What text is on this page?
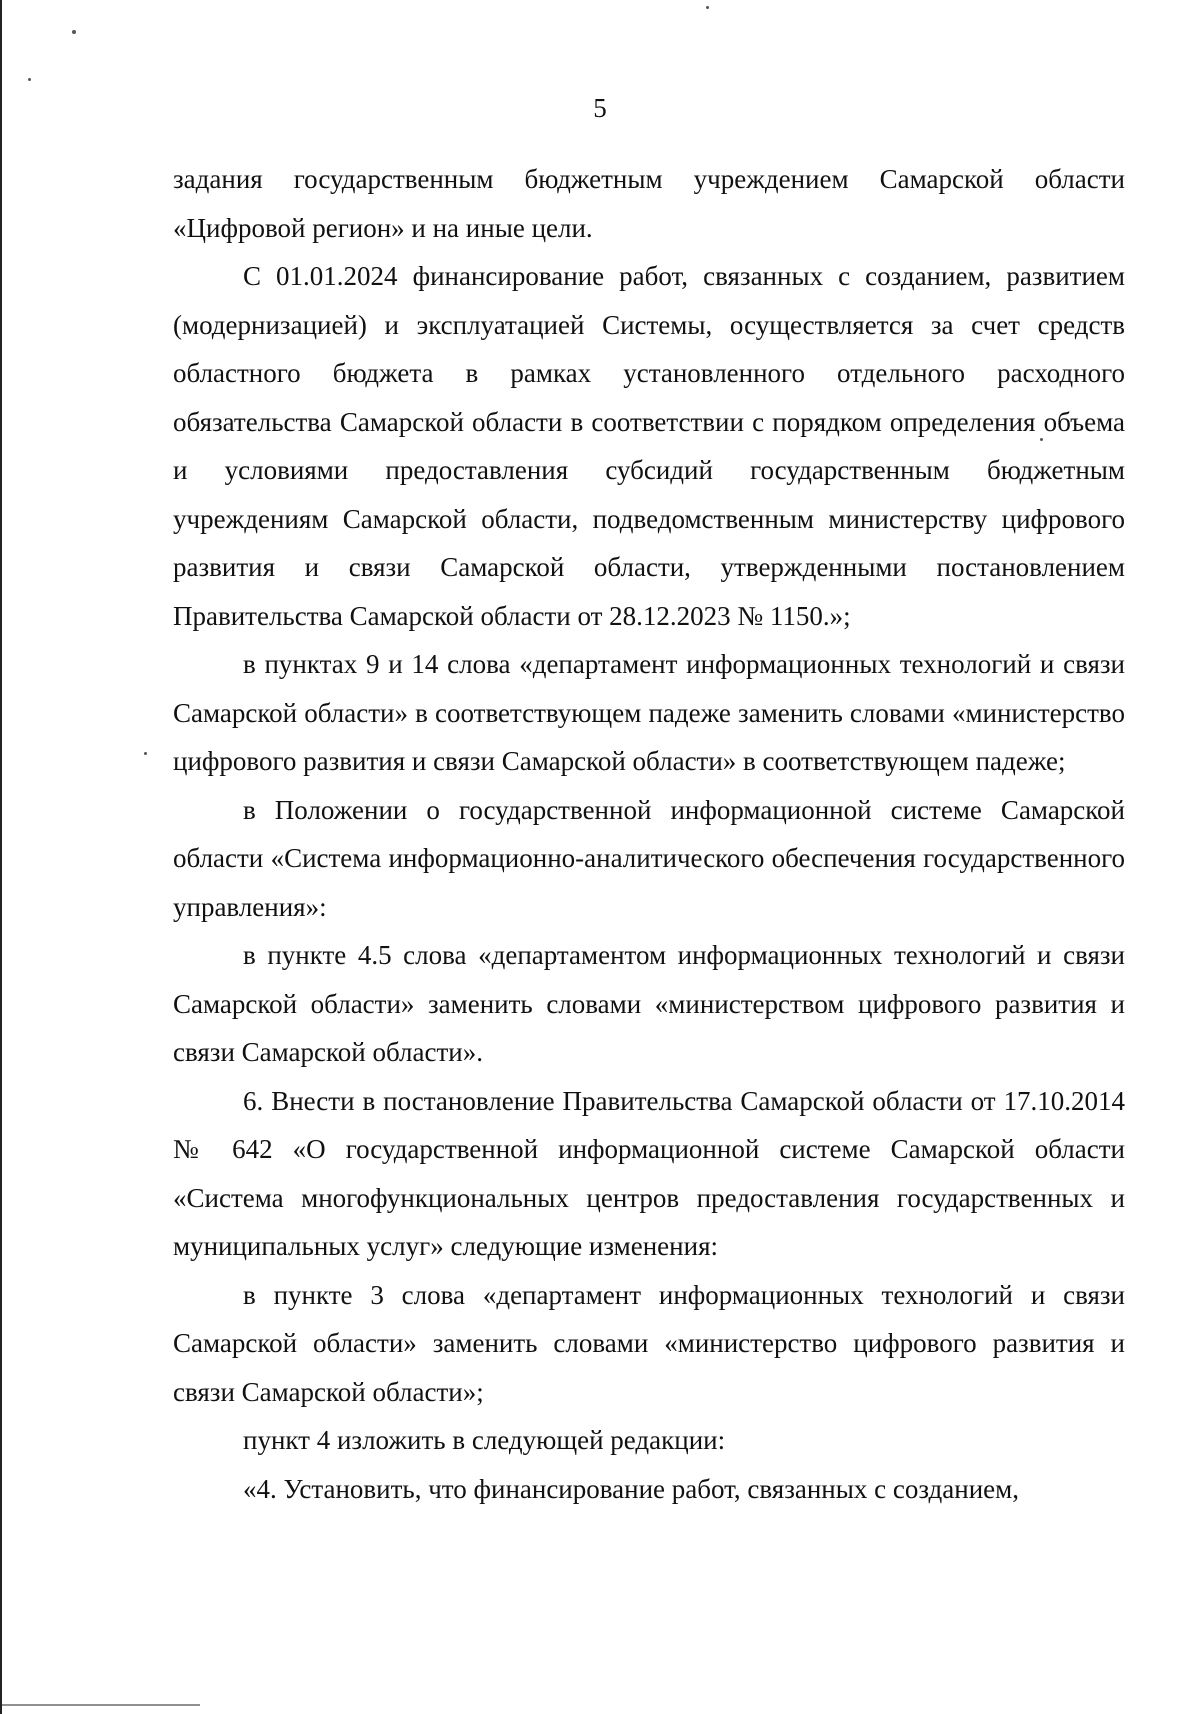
5

задания государственным бюджетным учреждением Самарской области «Цифровой регион» и на иные цели.

С 01.01.2024 финансирование работ, связанных с созданием, развитием (модернизацией) и эксплуатацией Системы, осуществляется за счет средств областного бюджета в рамках установленного отдельного расходного обязательства Самарской области в соответствии с порядком определения объема и условиями предоставления субсидий государственным бюджетным учреждениям Самарской области, подведомственным министерству цифрового развития и связи Самарской области, утвержденными постановлением Правительства Самарской области от 28.12.2023 № 1150.»;

в пунктах 9 и 14 слова «департамент информационных технологий и связи Самарской области» в соответствующем падеже заменить словами «министерство цифрового развития и связи Самарской области» в соответствующем падеже;

в Положении о государственной информационной системе Самарской области «Система информационно-аналитического обеспечения государственного управления»:

в пункте 4.5 слова «департаментом информационных технологий и связи Самарской области» заменить словами «министерством цифрового развития и связи Самарской области».

6. Внести в постановление Правительства Самарской области от 17.10.2014 № 642 «О государственной информационной системе Самарской области «Система многофункциональных центров предоставления государственных и муниципальных услуг» следующие изменения:

в пункте 3 слова «департамент информационных технологий и связи Самарской области» заменить словами «министерство цифрового развития и связи Самарской области»;

пункт 4 изложить в следующей редакции:

«4. Установить, что финансирование работ, связанных с созданием,
